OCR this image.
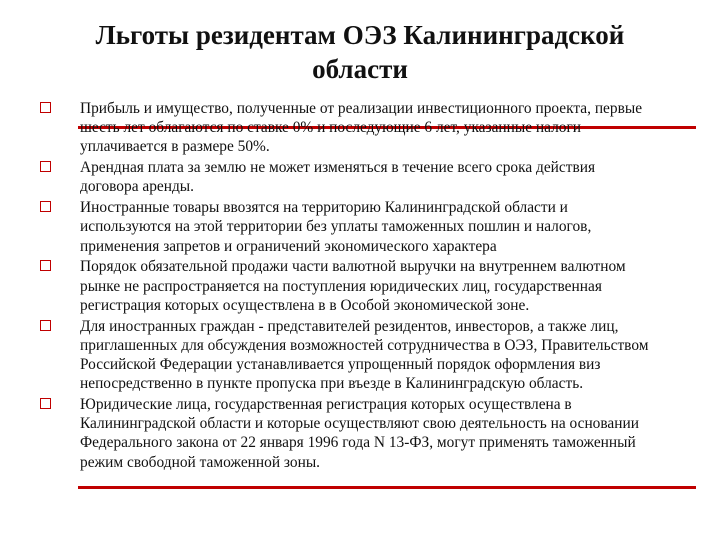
Льготы резидентам ОЭЗ Калининградской области
Прибыль и имущество, полученные от реализации инвестиционного проекта, первые
шесть лет облагаются по ставке 0% и последующие 6 лет, указанные налоги
уплачивается в размере 50%.
Арендная плата за землю не может изменяться в течение всего срока действия
договора аренды.
Иностранные товары ввозятся на территорию Калининградской области и
используются на этой территории без уплаты таможенных пошлин и налогов,
применения запретов и ограничений экономического характера
Порядок обязательной продажи части валютной выручки на внутреннем валютном
рынке не распространяется на поступления юридических лиц, государственная
регистрация которых осуществлена в в Особой экономической зоне.
Для иностранных граждан - представителей резидентов, инвесторов, а также лиц,
приглашенных для обсуждения возможностей сотрудничества в ОЭЗ, Правительством
Российской Федерации устанавливается упрощенный порядок оформления виз
непосредственно в пункте пропуска при въезде в Калининградскую область.
Юридические лица, государственная регистрация которых осуществлена в
Калининградской области и которые осуществляют свою деятельность на основании
Федерального закона от 22 января 1996 года N 13-ФЗ, могут применять таможенный
режим свободной таможенной зоны.
